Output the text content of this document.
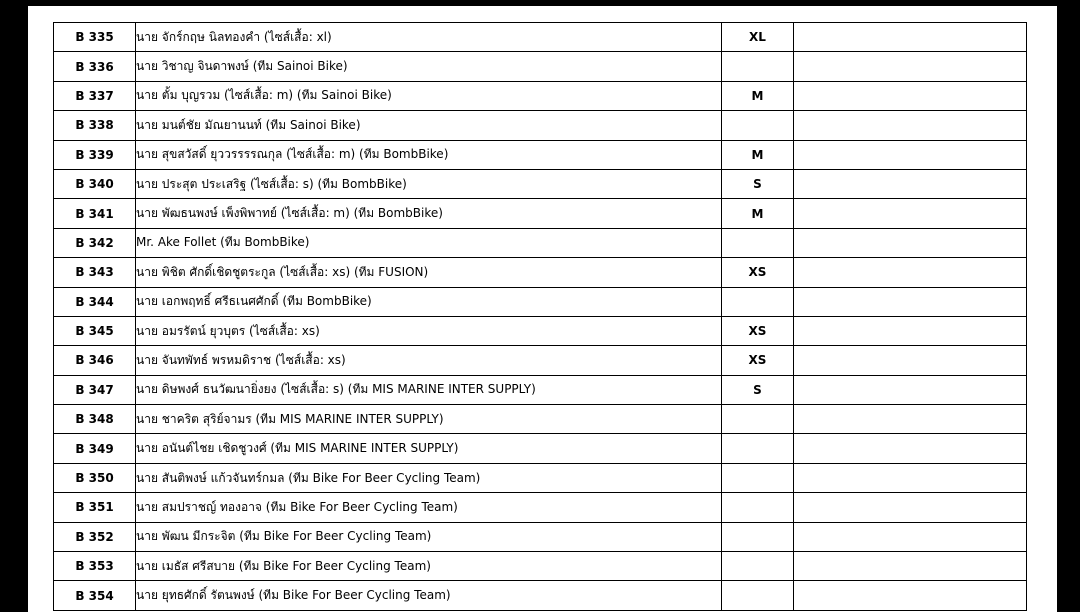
B 335	นาย จักร์กฤษ นิลทองคำ (ไซส์เสื้อ: xl)	XL	
B 336	นาย วิชาญ จินดาพงษ์ (ทีม Sainoi Bike)		
B 337	นาย ตั้ม บุญรวม (ไซส์เสื้อ: m) (ทีม Sainoi Bike)	M	
B 338	นาย มนต์ชัย มัณยานนท์ (ทีม Sainoi Bike)		
B 339	นาย สุขสวัสดิ์ ยุววรรรรณกุล (ไซส์เสื้อ: m) (ทีม BombBike)	M	
B 340	นาย ประสุต ประเสริฐ (ไซส์เสื้อ: s) (ทีม BombBike)	S	
B 341	นาย พัฒธนพงษ์ เพ็งพิพาทย์ (ไซส์เสื้อ: m) (ทีม BombBike)	M	
B 342	Mr. Ake Follet (ทีม BombBike)		
B 343	นาย พิชิต ศักดิ์เชิดชูตระกูล (ไซส์เสื้อ: xs) (ทีม FUSION)	XS	
B 344	นาย เอกพฤทธิ์ ศรีธเนศศักดิ์ (ทีม BombBike)		
B 345	นาย อมรรัตน์ ยุวบุตร (ไซส์เสื้อ: xs)	XS	
B 346	นาย จันทพัทธ์ พรหมดิราช (ไซส์เสื้อ: xs)	XS	
B 347	นาย ดิษพงศ์ ธนวัฒนายิ่งยง (ไซส์เสื้อ: s) (ทีม MIS MARINE INTER SUPPLY)	S	
B 348	นาย ชาคริต สุริย์จามร (ทีม MIS MARINE INTER SUPPLY)		
B 349	นาย อนันต์ไชย เชิดชูวงศ์ (ทีม MIS MARINE INTER SUPPLY)		
B 350	นาย สันติพงษ์ แก้วจันทร์กมล (ทีม Bike For Beer Cycling Team)		
B 351	นาย สมปราชญ์ ทองอาจ (ทีม Bike For Beer Cycling Team)		
B 352	นาย พัฒน มีกระจิต (ทีม Bike For Beer Cycling Team)		
B 353	นาย เมธัส ศรีสบาย (ทีม Bike For Beer Cycling Team)		
B 354	นาย ยุทธศักดิ์ รัตนพงษ์ (ทีม Bike For Beer Cycling Team)		
